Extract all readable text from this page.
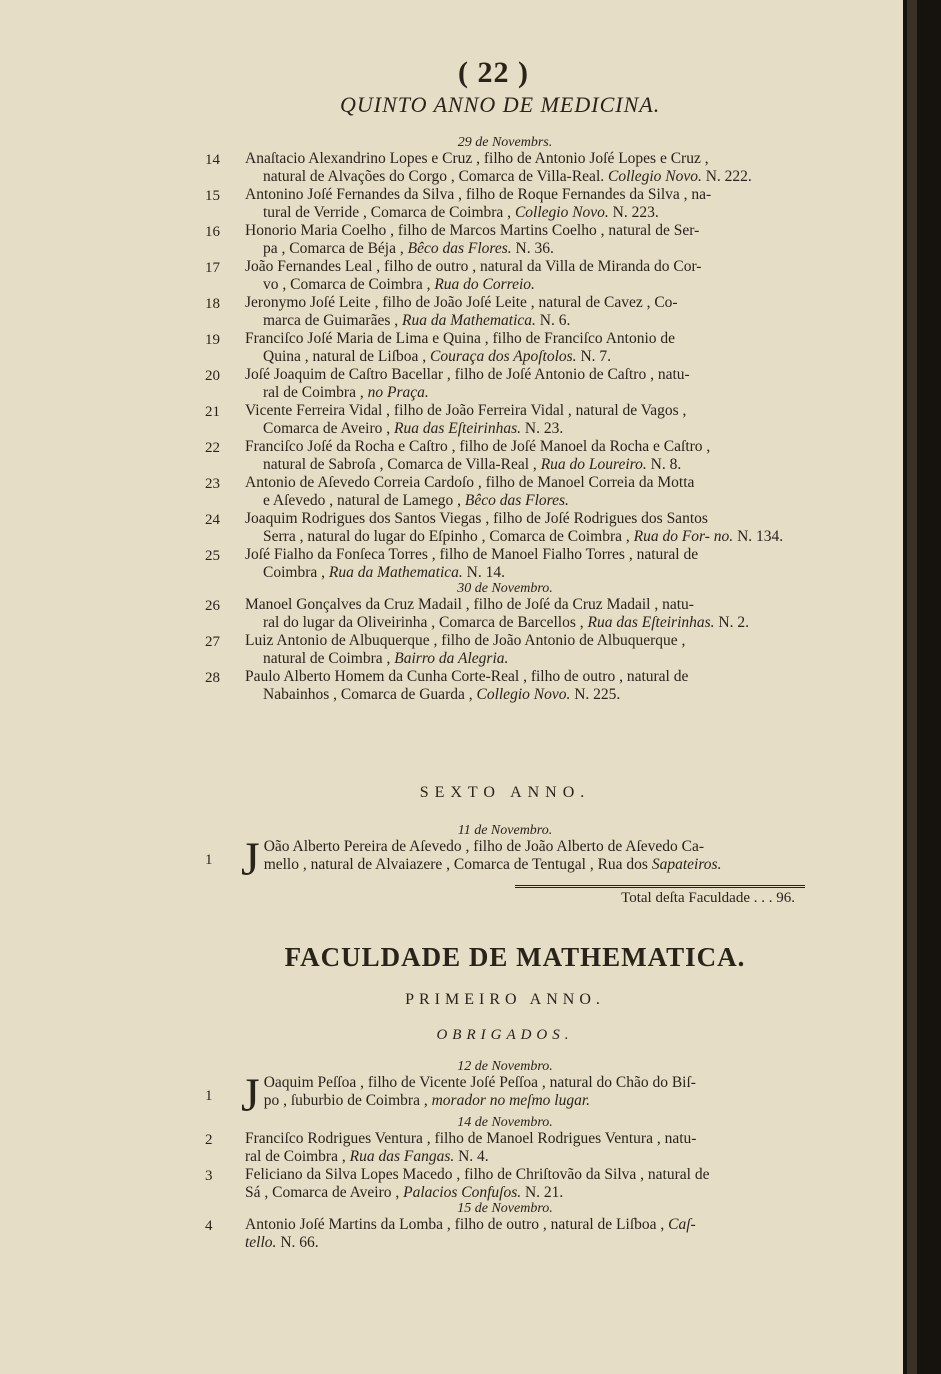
( 22 )
QUINTO ANNO DE MEDICINA.
29 de Novembrs.
14 Anaſtacio Alexandrino Lopes e Cruz , filho de Antonio Joſé Lopes e Cruz ,
natural de Alvações do Corgo , Comarca de Villa-Real. Collegio Novo. N. 222.
15 Antonino Joſé Fernandes da Silva , filho de Roque Fernandes da Silva , na-
tural de Verride , Comarca de Coimbra , Collegio Novo. N. 223.
16 Honorio Maria Coelho , filho de Marcos Martins Coelho , natural de Ser-
pa , Comarca de Béja , Bêco das Flores. N. 36.
17 João Fernandes Leal , filho de outro , natural da Villa de Miranda do Cor-
vo , Comarca de Coimbra , Rua do Correio.
18 Jeronymo Joſé Leite , filho de João Joſé Leite , natural de Cavez , Co-
marca de Guimarães , Rua da Mathematica. N. 6.
19 Franciſco Joſé Maria de Lima e Quina , filho de Franciſco Antonio de
Quina , natural de Liſboa , Couraça dos Apoſtolos. N. 7.
20 Joſé Joaquim de Caſtro Bacellar , filho de Joſé Antonio de Caſtro , natu-
ral de Coimbra , no Praça.
21 Vicente Ferreira Vidal , filho de João Ferreira Vidal , natural de Vagos ,
Comarca de Aveiro , Rua das Eſteirinhas. N. 23.
22 Franciſco Joſé da Rocha e Caſtro , filho de Joſé Manoel da Rocha e Caſtro ,
natural de Sabroſa , Comarca de Villa-Real , Rua do Loureiro. N. 8.
23 Antonio de Aſevedo Correia Cardoſo , filho de Manoel Correia da Motta
e Aſevedo , natural de Lamego , Bêco das Flores.
24 Joaquim Rodrigues dos Santos Viegas , filho de Joſé Rodrigues dos Santos
Serra , natural do lugar do Eſpinho , Comarca de Coimbra , Rua do For- no. N. 134.
25 Joſé Fialho da Fonſeca Torres , filho de Manoel Fialho Torres , natural de
Coimbra , Rua da Mathematica. N. 14.
30 de Novembro.
26 Manoel Gonçalves da Cruz Madail , filho de Joſé da Cruz Madail , natu-
ral do lugar da Oliveirinha , Comarca de Barcellos , Rua das Eſteirinhas. N. 2.
27 Luiz Antonio de Albuquerque , filho de João Antonio de Albuquerque ,
natural de Coimbra , Bairro da Alegria.
28 Paulo Alberto Homem da Cunha Corte-Real , filho de outro , natural de
Nabainhos , Comarca de Guarda , Collegio Novo. N. 225.
SEXTO ANNO.
11 de Novembro.
1 J Oão Alberto Pereira de Aſevedo , filho de João Alberto de Aſevedo Ca-
mello , natural de Alvaiazere , Comarca de Tentugal , Rua dos Sapateiros.
Total deſta Faculdade . . . 96.
FACULDADE DE MATHEMATICA.
PRIMEIRO ANNO.
OBRIGADOS.
12 de Novembro.
1 J Oaquim Peſſoa , filho de Vicente Joſé Peſſoa , natural do Chão do Biſ-
po , ſuburbio de Coimbra , morador no meſmo lugar.
14 de Novembro.
2 Franciſco Rodrigues Ventura , filho de Manoel Rodrigues Ventura , natu-
ral de Coimbra , Rua das Fangas. N. 4.
3 Feliciano da Silva Lopes Macedo , filho de Chriſtovão da Silva , natural de
Sá , Comarca de Aveiro , Palacios Confuſos. N. 21.
15 de Novembro.
4 Antonio Joſé Martins da Lomba , filho de outro , natural de Liſboa , Caſ-
tello. N. 66.
